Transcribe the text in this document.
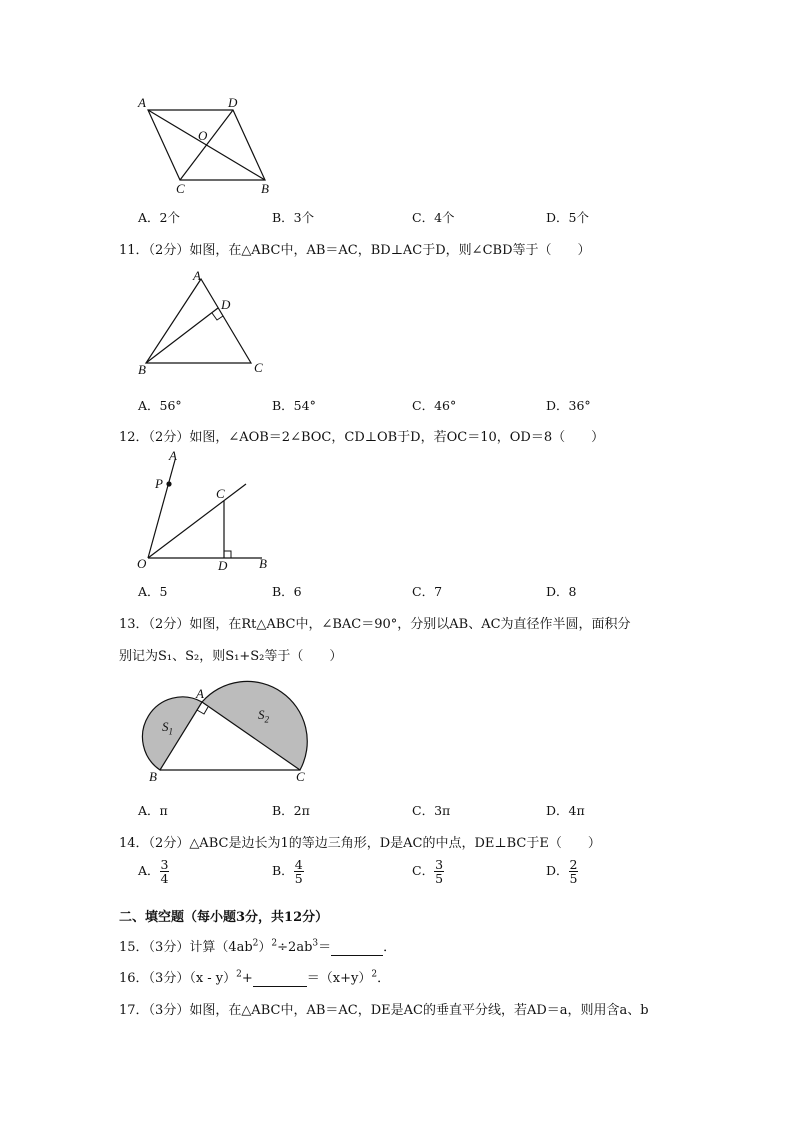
A	D
O
C	B
A．2个	B．3个	C．4个	D．5个
11．（2分）如图，在△ABC中，AB＝AC，BD⊥AC于D，则∠CBD等于（　　）
A
D
B	C
A．56°	B．54°	C．46°	D．36°
12．（2分）如图，∠AOB＝2∠BOC，CD⊥OB于D，若OC＝10，OD＝8（　　）
A
P
C
O	D B
A．5	B．6	C．7	D．8
13．（2分）如图，在Rt△ABC中，∠BAC＝90°，分别以AB、AC为直径作半圆，面积分
别记为S₁、S₂，则S₁+S₂等于（　　）
A
B	C
$S_1$
$S_2$
A．π	B．2π	C．3π	D．4π
14．（2分）△ABC是边长为1的等边三角形，D是AC的中点，DE⊥BC于E（　　）
A． $\frac{3}{4}$	B． $\frac{4}{5}$	C． $\frac{3}{5}$	D． $\frac{2}{5}$
二、填空题（每小题3分，共12分）
15．（3分）计算$(4ab^2)^2\div 2ab^3=$	．
16．（3分）（x - y）$^2$+	$=(x+y)^2$．
17．（3分）如图，在△ABC中，AB＝AC，DE是AC的垂直平分线，若AD＝a，则用含a、b
